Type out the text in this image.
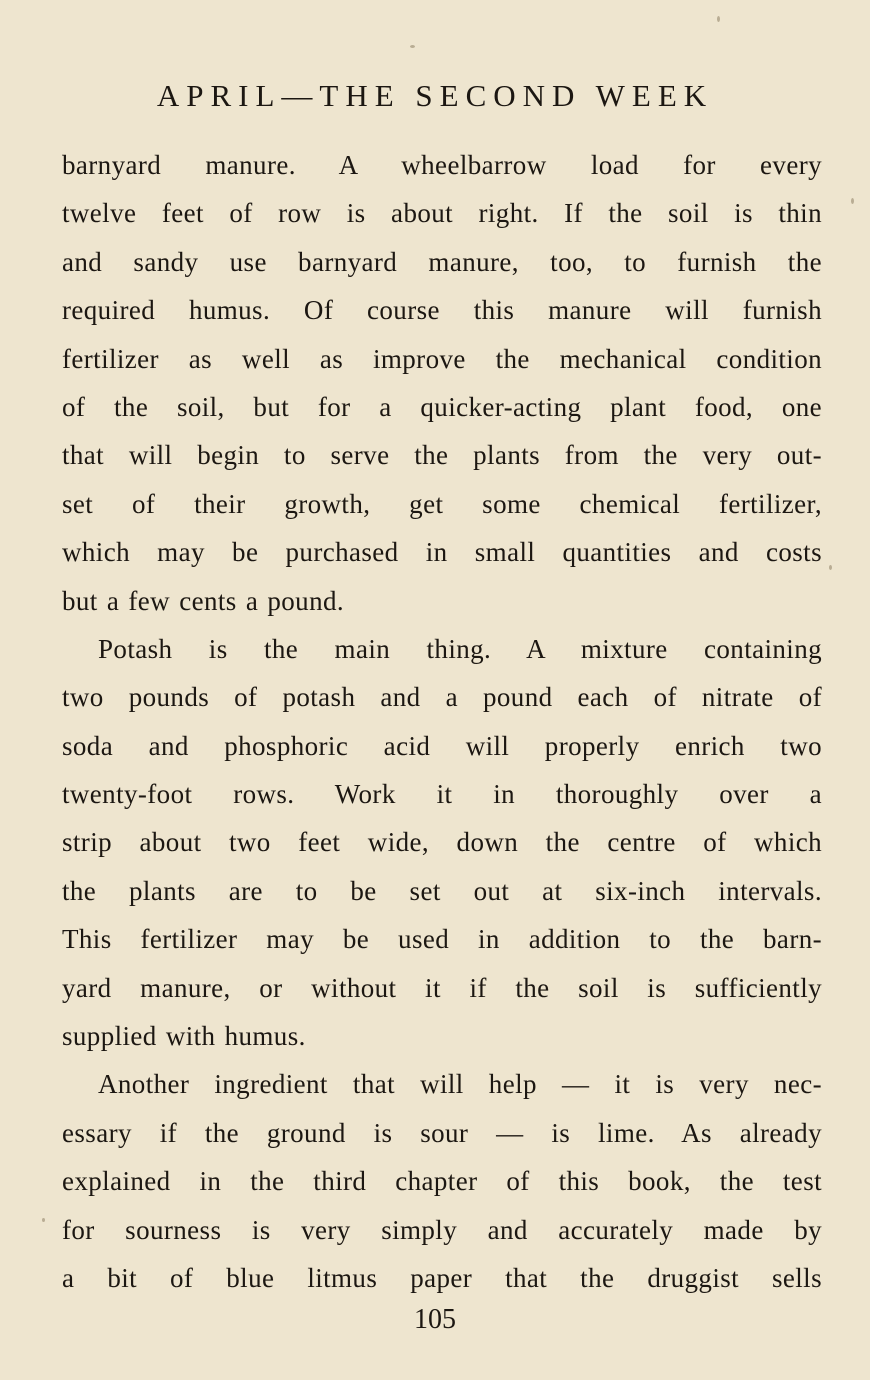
APRIL—THE SECOND WEEK
barnyard manure. A wheelbarrow load for every
twelve feet of row is about right. If the soil is thin
and sandy use barnyard manure, too, to furnish the
required humus. Of course this manure will furnish
fertilizer as well as improve the mechanical condition
of the soil, but for a quicker-acting plant food, one
that will begin to serve the plants from the very out-
set of their growth, get some chemical fertilizer,
which may be purchased in small quantities and costs
but a few cents a pound.
Potash is the main thing. A mixture containing
two pounds of potash and a pound each of nitrate of
soda and phosphoric acid will properly enrich two
twenty-foot rows. Work it in thoroughly over a
strip about two feet wide, down the centre of which
the plants are to be set out at six-inch intervals.
This fertilizer may be used in addition to the barn-
yard manure, or without it if the soil is sufficiently
supplied with humus.
Another ingredient that will help — it is very nec-
essary if the ground is sour — is lime. As already
explained in the third chapter of this book, the test
for sourness is very simply and accurately made by
a bit of blue litmus paper that the druggist sells
105
